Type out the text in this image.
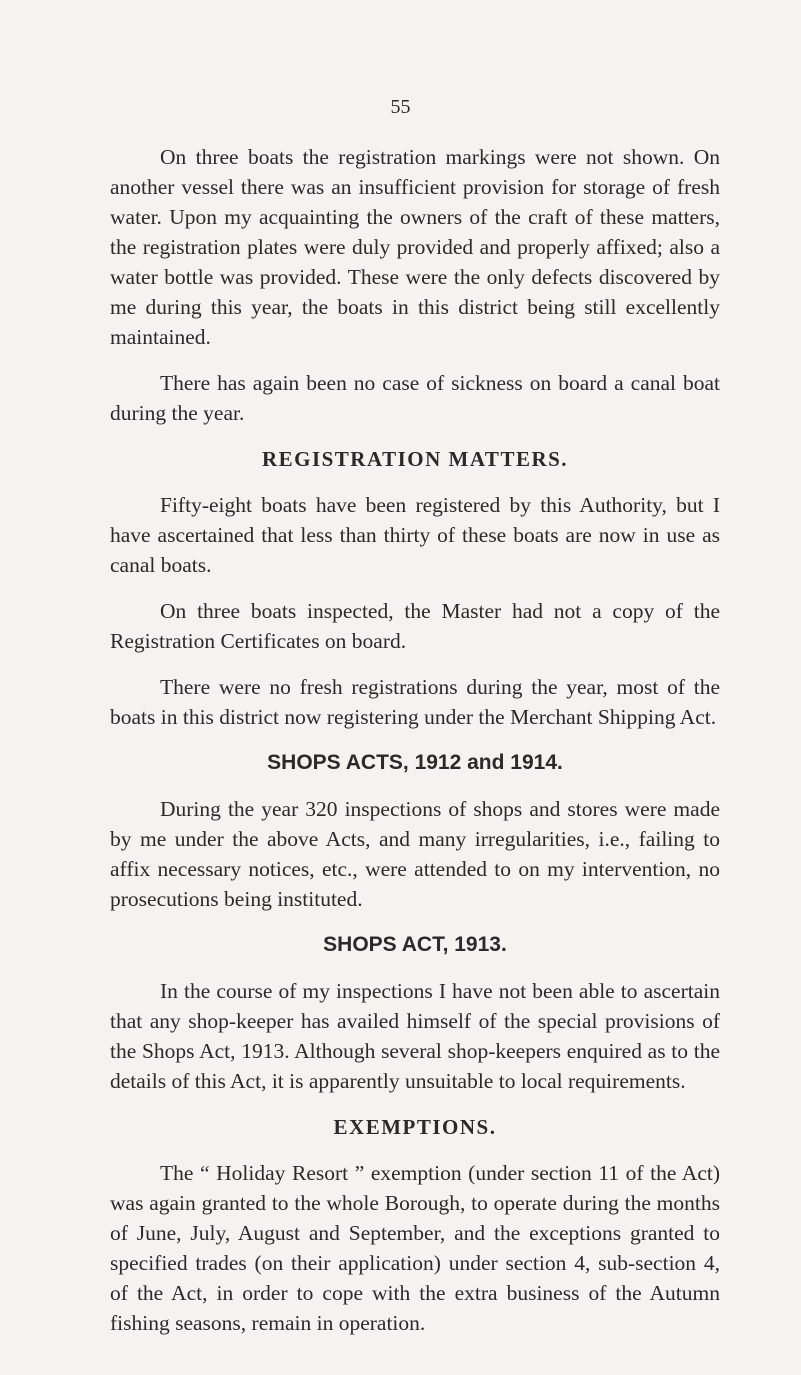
55

On three boats the registration markings were not shown. On another vessel there was an insufficient provision for storage of fresh water. Upon my acquainting the owners of the craft of these matters, the registration plates were duly provided and properly affixed; also a water bottle was provided. These were the only defects discovered by me during this year, the boats in this district being still excellently maintained.

There has again been no case of sickness on board a canal boat during the year.

REGISTRATION MATTERS.

Fifty-eight boats have been registered by this Authority, but I have ascertained that less than thirty of these boats are now in use as canal boats.

On three boats inspected, the Master had not a copy of the Registration Certificates on board.

There were no fresh registrations during the year, most of the boats in this district now registering under the Merchant Shipping Act.

SHOPS ACTS, 1912 and 1914.

During the year 320 inspections of shops and stores were made by me under the above Acts, and many irregularities, i.e., failing to affix necessary notices, etc., were attended to on my intervention, no prosecutions being instituted.

SHOPS ACT, 1913.

In the course of my inspections I have not been able to ascertain that any shop-keeper has availed himself of the special provisions of the Shops Act, 1913. Although several shop-keepers enquired as to the details of this Act, it is apparently unsuitable to local requirements.

EXEMPTIONS.

The “ Holiday Resort ” exemption (under section 11 of the Act) was again granted to the whole Borough, to operate during the months of June, July, August and September, and the exceptions granted to specified trades (on their application) under section 4, sub-section 4, of the Act, in order to cope with the extra business of the Autumn fishing seasons, remain in operation.
